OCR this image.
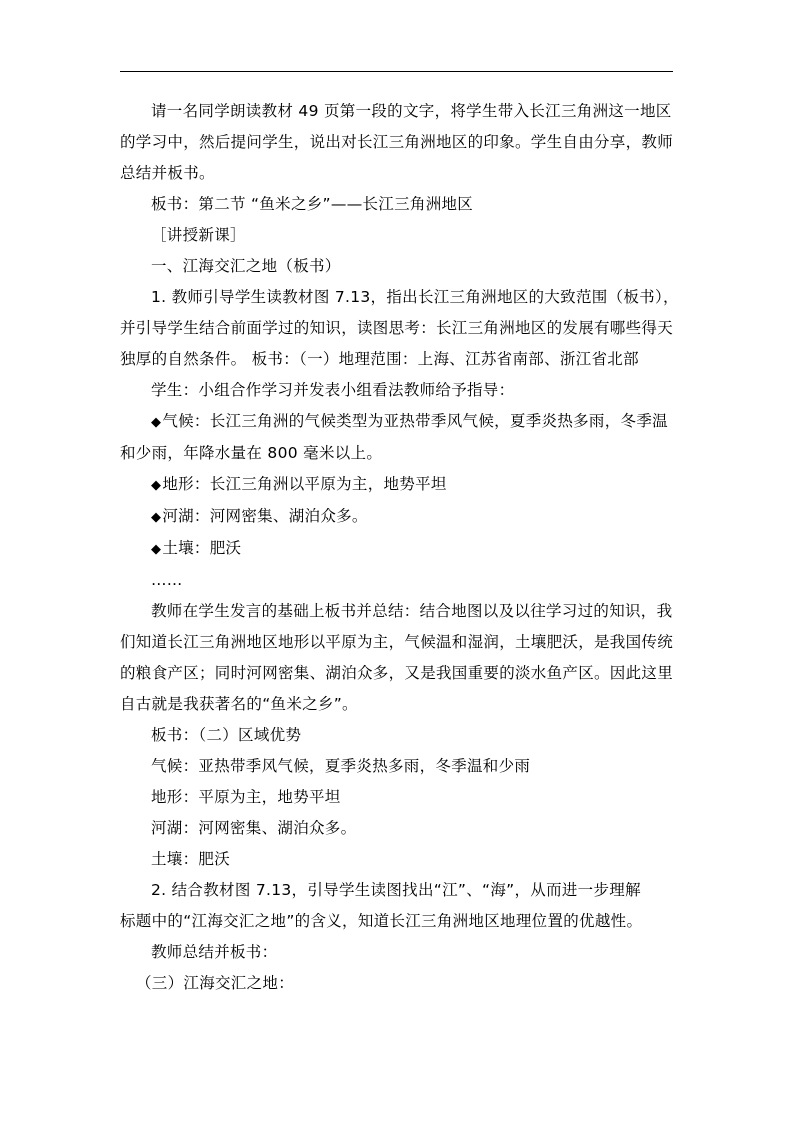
请一名同学朗读教材 49 页第一段的文字，将学生带入长江三角洲这一地区
的学习中，然后提问学生，说出对长江三角洲地区的印象。学生自由分享，教师
总结并板书。
板书：第二节 “鱼米之乡”——长江三角洲地区
［讲授新课］
一、江海交汇之地（板书）
1. 教师引导学生读教材图 7.13，指出长江三角洲地区的大致范围（板书），
并引导学生结合前面学过的知识，读图思考：长江三角洲地区的发展有哪些得天
独厚的自然条件。 板书：（一）地理范围：上海、江苏省南部、浙江省北部
学生：小组合作学习并发表小组看法教师给予指导：
◆气候：长江三角洲的气候类型为亚热带季风气候，夏季炎热多雨，冬季温
和少雨，年降水量在 800 毫米以上。
◆地形：长江三角洲以平原为主，地势平坦
◆河湖：河网密集、湖泊众多。
◆土壤：肥沃
……
教师在学生发言的基础上板书并总结：结合地图以及以往学习过的知识，我
们知道长江三角洲地区地形以平原为主，气候温和湿润，土壤肥沃，是我国传统
的粮食产区；同时河网密集、湖泊众多，又是我国重要的淡水鱼产区。因此这里
自古就是我获著名的“鱼米之乡”。
板书：（二）区域优势
气候：亚热带季风气候，夏季炎热多雨，冬季温和少雨
地形：平原为主，地势平坦
河湖：河网密集、湖泊众多。
土壤：肥沃
2. 结合教材图 7.13，引导学生读图找出“江”、“海”，从而进一步理解
标题中的“江海交汇之地”的含义，知道长江三角洲地区地理位置的优越性。
教师总结并板书：
（三）江海交汇之地：
